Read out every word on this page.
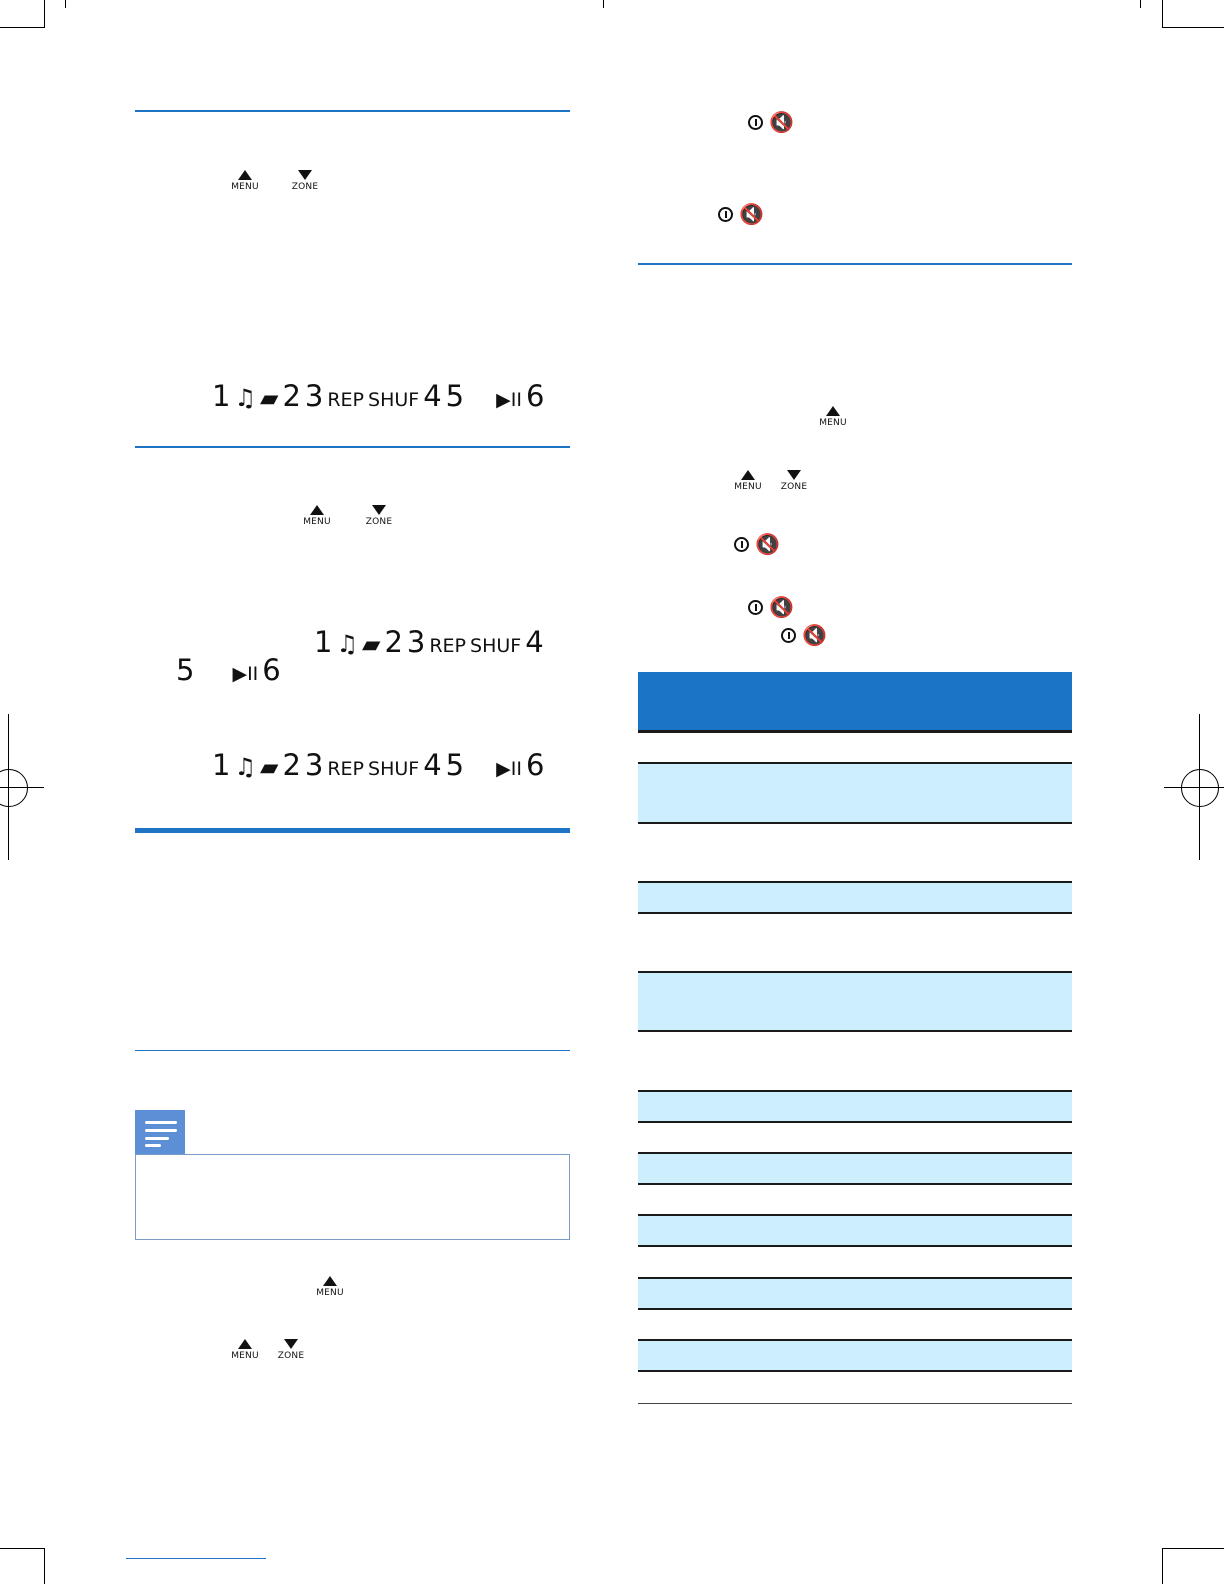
MENU	ZONE
1 ♫ ▰ 2 3 REP SHUF 4 5 ▶II 6
MENU	ZONE
1 ♫ ▰ 2 3 REP SHUF 4
5 ▶II 6
1 ♫ ▰ 2 3 REP SHUF 4 5 ▶II 6
MENU
MENU ZONE
🔇
🔇
MENU
MENU ZONE
🔇
🔇
🔇
